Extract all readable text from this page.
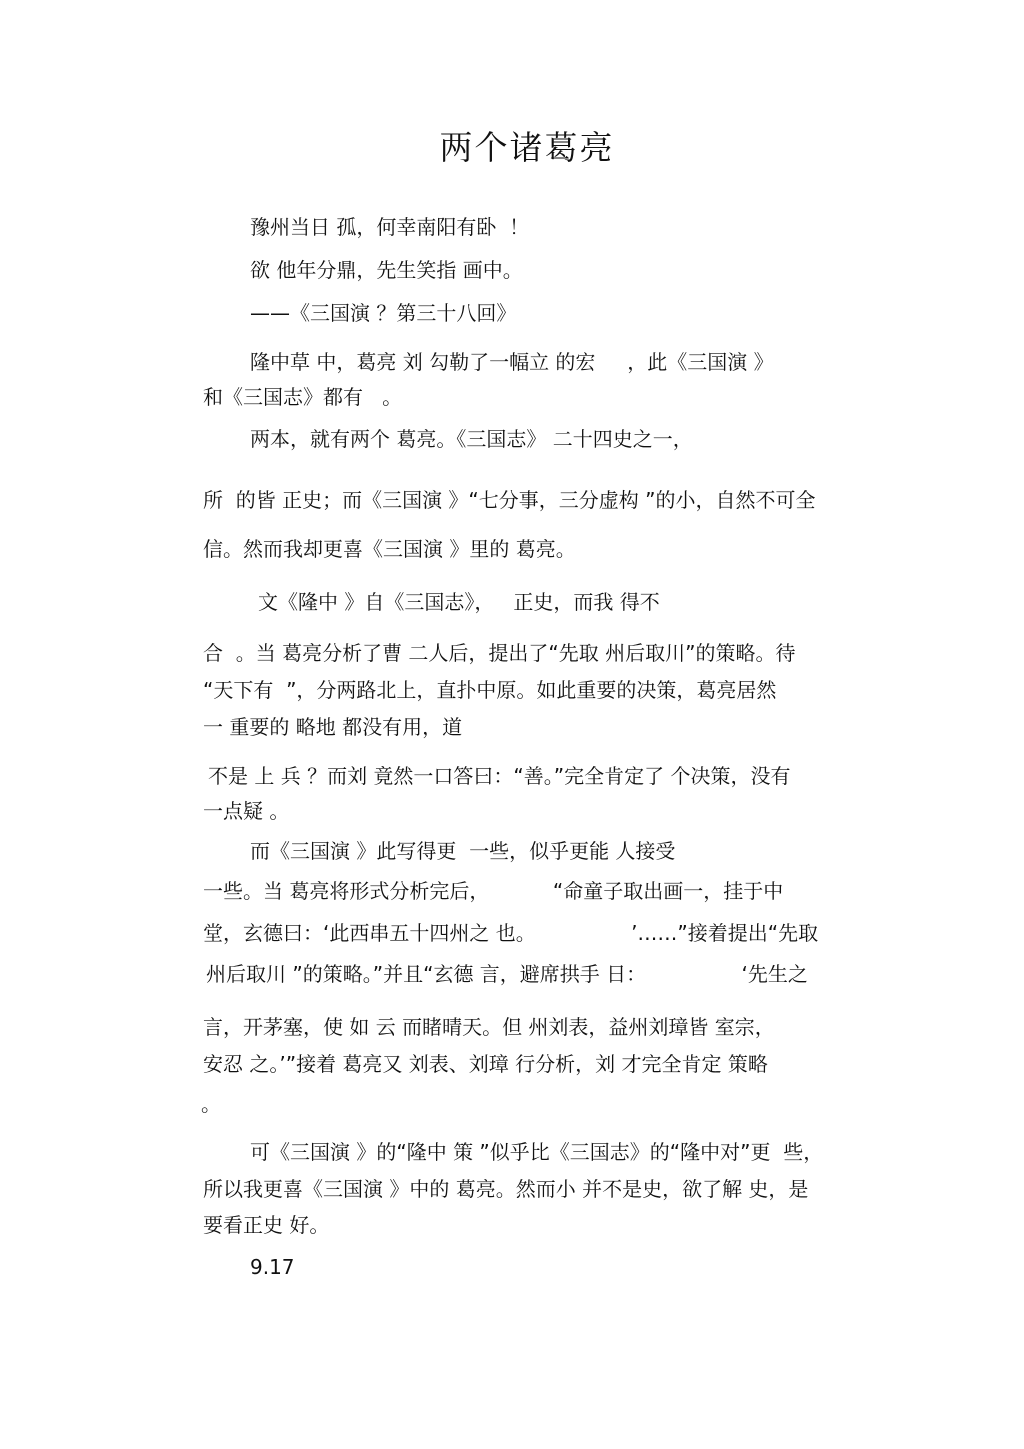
两个诸葛亮
豫州当日 孤，何幸南阳有卧  ！
欲 他年分鼎，先生笑指 画中。
——《三国演 ？第三十八回》
隆中草 中，葛亮 刘 勾勒了一幅立 的宏     ，此《三国演 》
和《三国志》都有   。
两本，就有两个 葛亮。《三国志》 二十四史之一，
所  的皆 正史；而《三国演 》“七分事，三分虚构 ”的小，自然不可全
信。然而我却更喜《三国演 》里的 葛亮。
文《隆中 》自《三国志》，   正史，而我 得不
合  。当 葛亮分析了曹 二人后，提出了“先取 州后取川”的策略。待
“天下有  ”，分两路北上，直扑中原。如此重要的决策，葛亮居然
一 重要的 略地 都没有用，道
不是 上 兵 ？而刘 竟然一口答曰：“善。”完全肯定了 个决策，没有
一点疑 。
而《三国演 》此写得更  一些，似乎更能 人接受
一些。当 葛亮将形式分析完后，          “命童子取出画一，挂于中
堂，玄德曰：‘此西串五十四州之 也。               ’……”接着提出“先取
州后取川 ”的策略。”并且“玄德 言，避席拱手 日：               ‘先生之
言，开茅塞，使 如 云 而睹晴天。但 州刘表，益州刘璋皆 室宗，
安忍 之。’”接着 葛亮又 刘表、刘璋 行分析，刘 才完全肯定 策略
。
可《三国演 》的“隆中 策 ”似乎比《三国志》的“隆中对”更  些，
所以我更喜《三国演 》中的 葛亮。然而小 并不是史，欲了解 史，是
要看正史 好。
9.17
